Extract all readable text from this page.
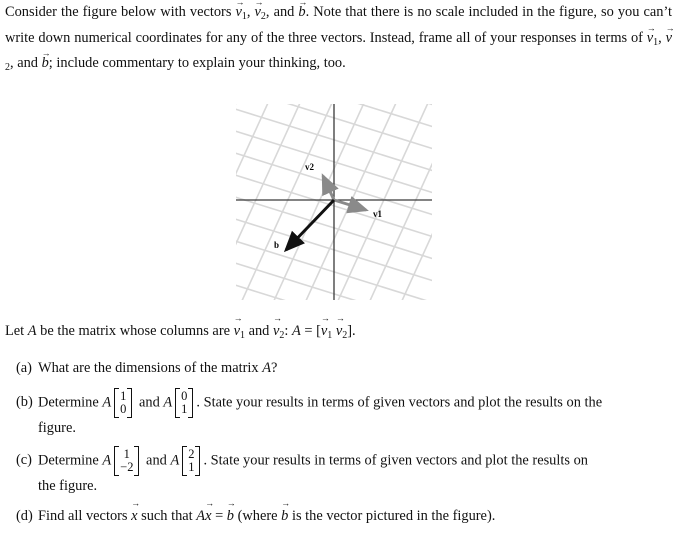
Consider the figure below with vectors → $v_1$, → $v_2$, and → b. Note that there is no scale included in the figure, so you can’t write down numerical coordinates for any of the three vectors. Instead, frame all of your responses in terms of → $v_1$, → $v_2$, and → b; include commentary to explain your thinking, too.
v1
v2
b
Let A be the matrix whose columns are → $v_1$ and → $v_2$: A = [→ $v_1 \to v_2$].
(a) What are the dimensions of the matrix A?
(b) Determine A 1
0 and A 0
1 . State your results in terms of given vectors and plot the results on the
figure.
(c) Determine A 1
−2 and A 2
1 . State your results in terms of given vectors and plot the results on
the figure.
(d) Find all vectors → x such that A→ x = → b (where → b is the vector pictured in the figure).
